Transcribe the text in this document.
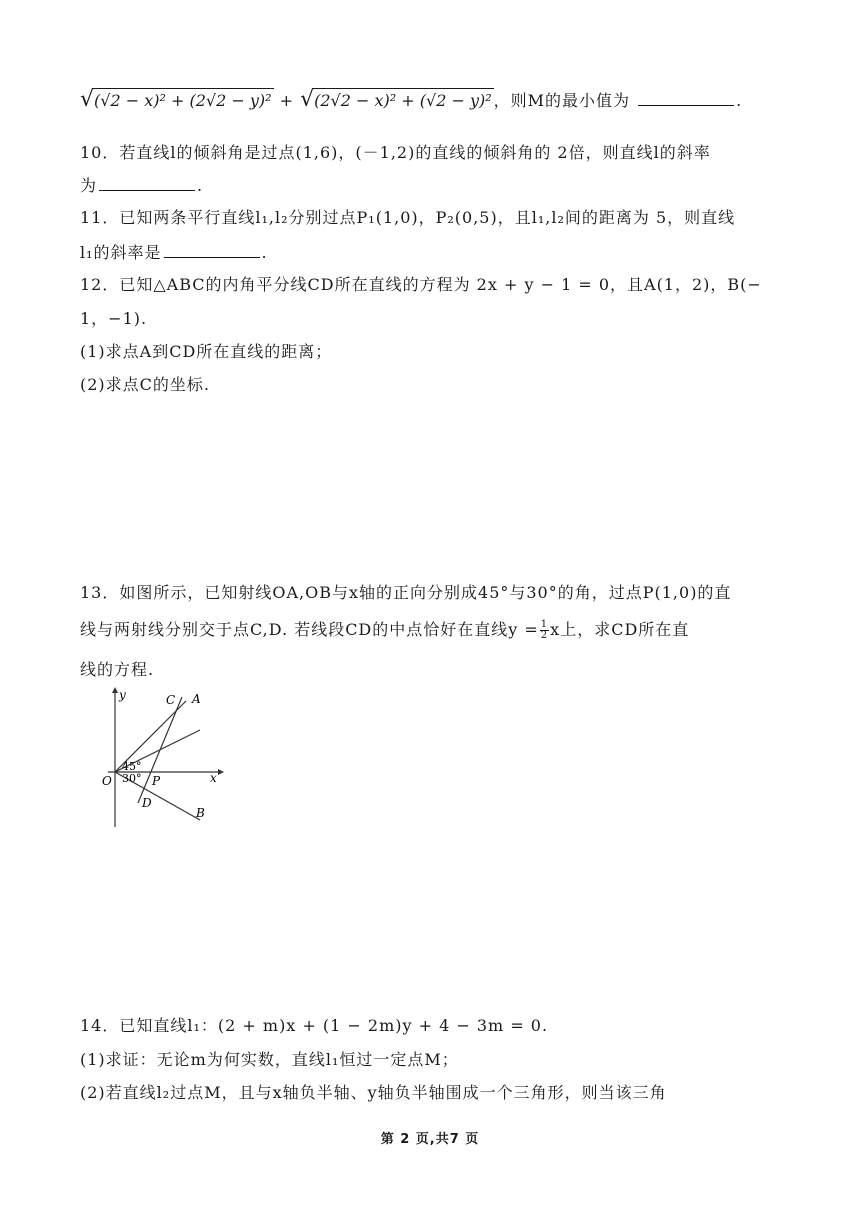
√
(√2 − x)² + (2√2 − y)² + √
(2√2 − x)² + (√2 − y)² ，则M的最小值为	.
10．若直线l的倾斜角是过点(1,6)，(－1,2)的直线的倾斜角的 2倍，则直线l的斜率
为	.
11．已知两条平行直线l₁,l₂分别过点P₁(1,0)，P₂(0,5)，且l₁,l₂间的距离为 5，则直线
l₁的斜率是	.
12．已知△ABC的内角平分线CD所在直线的方程为 2x + y − 1 = 0，且A(1，2)，B(−
1，−1).
(1)求点A到CD所在直线的距离；
(2)求点C的坐标.
13．如图所示，已知射线OA,OB与x轴的正向分别成45°与30°的角，过点P(1,0)的直
线与两射线分别交于点C,D. 若线段CD的中点恰好在直线$y = \frac{1}{2}$ x上，求CD所在直
线的方程.
y
x
O
C A
P
D
B
45°
30°
14．已知直线l₁：(2 + m)x + (1 − 2m)y + 4 − 3m = 0.
(1)求证：无论m为何实数，直线l₁恒过一定点M；
(2)若直线l₂过点M，且与x轴负半轴、y轴负半轴围成一个三角形，则当该三角
第 2 页,共7 页
